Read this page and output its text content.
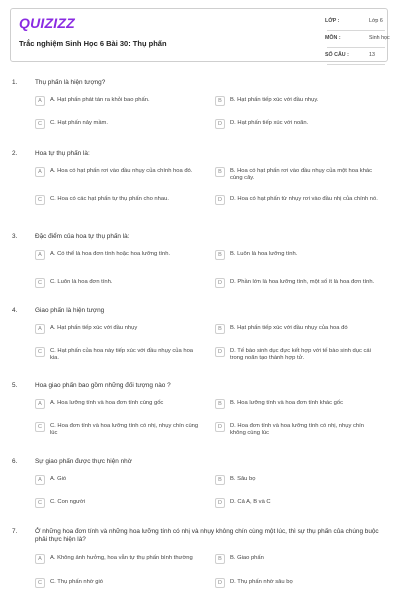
QUIZIZZ
Trắc nghiệm Sinh Học 6 Bài 30: Thụ phấn
LỚP :	Lớp 6
MÔN :	Sinh học
SỐ CÂU :	13
1.	Thụ phấn là hiện tượng?
A	A. Hạt phấn phát tán ra khỏi bao phấn.	B	B. Hạt phấn tiếp xúc với đầu nhụy.
C	C. Hạt phấn nảy mầm.	D	D. Hạt phấn tiếp xúc với noãn.
2.	Hoa tự thụ phấn là:
A	A. Hoa có hạt phấn rơi vào đầu nhụy của chính hoa đó.	B	B. Hoa có hạt phấn rơi vào đầu nhụy của một hoa khác cùng cây.
C	C. Hoa có các hạt phấn tự thụ phấn cho nhau.	D	D. Hoa có hạt phấn từ nhụy rơi vào đầu nhị của chính nó.
3.	Đặc điểm của hoa tự thụ phấn là:
A	A. Có thể là hoa đơn tính hoặc hoa lưỡng tính.	B	B. Luôn là hoa lưỡng tính.
C	C. Luôn là hoa đơn tính.	D	D. Phần lớn là hoa lưỡng tính, một số ít là hoa đơn tính.
4.	Giao phấn là hiện tượng
A	A. Hạt phấn tiếp xúc với đầu nhụy	B	B. Hạt phấn tiếp xúc với đầu nhụy của hoa đó
C	C. Hạt phấn của hoa này tiếp xúc với đầu nhụy của hoa kia.
D	D. Tế bào sinh dục đực kết hợp với tế bào sinh dục cái trong noãn tạo thành hợp tử.
5.	Hoa giao phấn bao gồm những đối tượng nào ?
A	A. Hoa lưỡng tính và hoa đơn tính cùng gốc	B	B. Hoa lưỡng tính và hoa đơn tính khác gốc
C	C. Hoa đơn tính và hoa lưỡng tính có nhị, nhụy chín cùng lúc
D	D. Hoa đơn tính và hoa lưỡng tính có nhị, nhụy chín không cùng lúc
6.	Sự giao phấn được thực hiện nhờ
A	A. Gió	B	B. Sâu bọ
C	C. Con người	D	D. Cả A, B và C
7.	Ở những hoa đơn tính và những hoa lưỡng tính có nhị và nhụy không chín cùng một lúc, thì sự thụ phấn của chúng buộc phải thực hiện là?
A	A. Không ảnh hưởng, hoa vẫn tự thụ phấn bình thường	B	B. Giao phấn
C	C. Thụ phấn nhờ gió	D	D. Thụ phấn nhờ sâu bọ
